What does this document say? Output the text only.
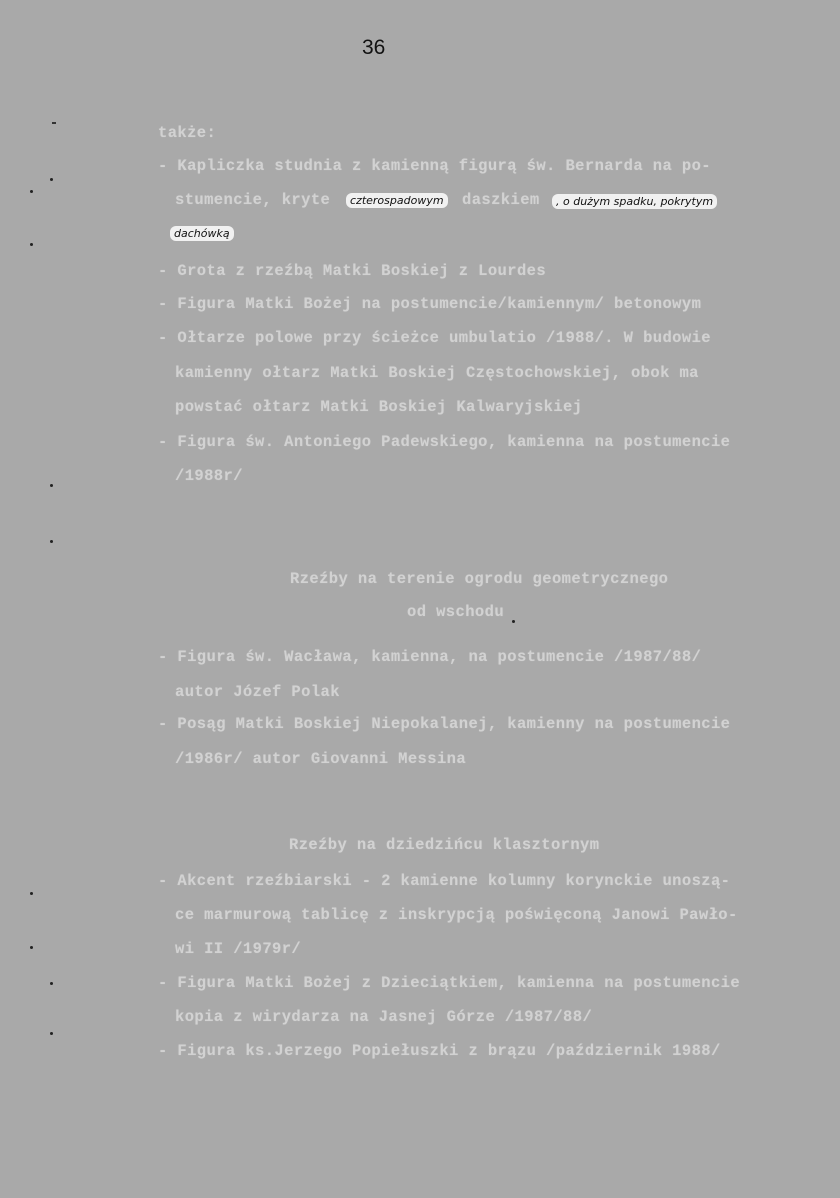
36
także:
- Kapliczka studnia z kamienną figurą św. Bernarda na po-
stumencie, kryte	czterospadowym daszkiem	, o dużym spadku, pokrytym
dachówką
- Grota z rzeźbą Matki Boskiej z Lourdes
- Figura Matki Bożej na postumencie/kamiennym/ betonowym
- Ołtarze polowe przy ścieżce umbulatio /1988/. W budowie
kamienny ołtarz Matki Boskiej Częstochowskiej, obok ma
powstać ołtarz Matki Boskiej Kalwaryjskiej
- Figura św. Antoniego Padewskiego, kamienna na postumencie
/1988r/
Rzeźby na terenie ogrodu geometrycznego
od wschodu
- Figura św. Wacława, kamienna, na postumencie /1987/88/
autor Józef Polak
- Posąg Matki Boskiej Niepokalanej, kamienny na postumencie
/1986r/ autor Giovanni Messina
Rzeźby na dziedzińcu klasztornym
- Akcent rzeźbiarski - 2 kamienne kolumny korynckie unoszą-
ce marmurową tablicę z inskrypcją poświęconą Janowi Pawło-
wi II /1979r/
- Figura Matki Bożej z Dzieciątkiem, kamienna na postumencie
kopia z wirydarza na Jasnej Górze /1987/88/
- Figura ks.Jerzego Popiełuszki z brązu /październik 1988/
